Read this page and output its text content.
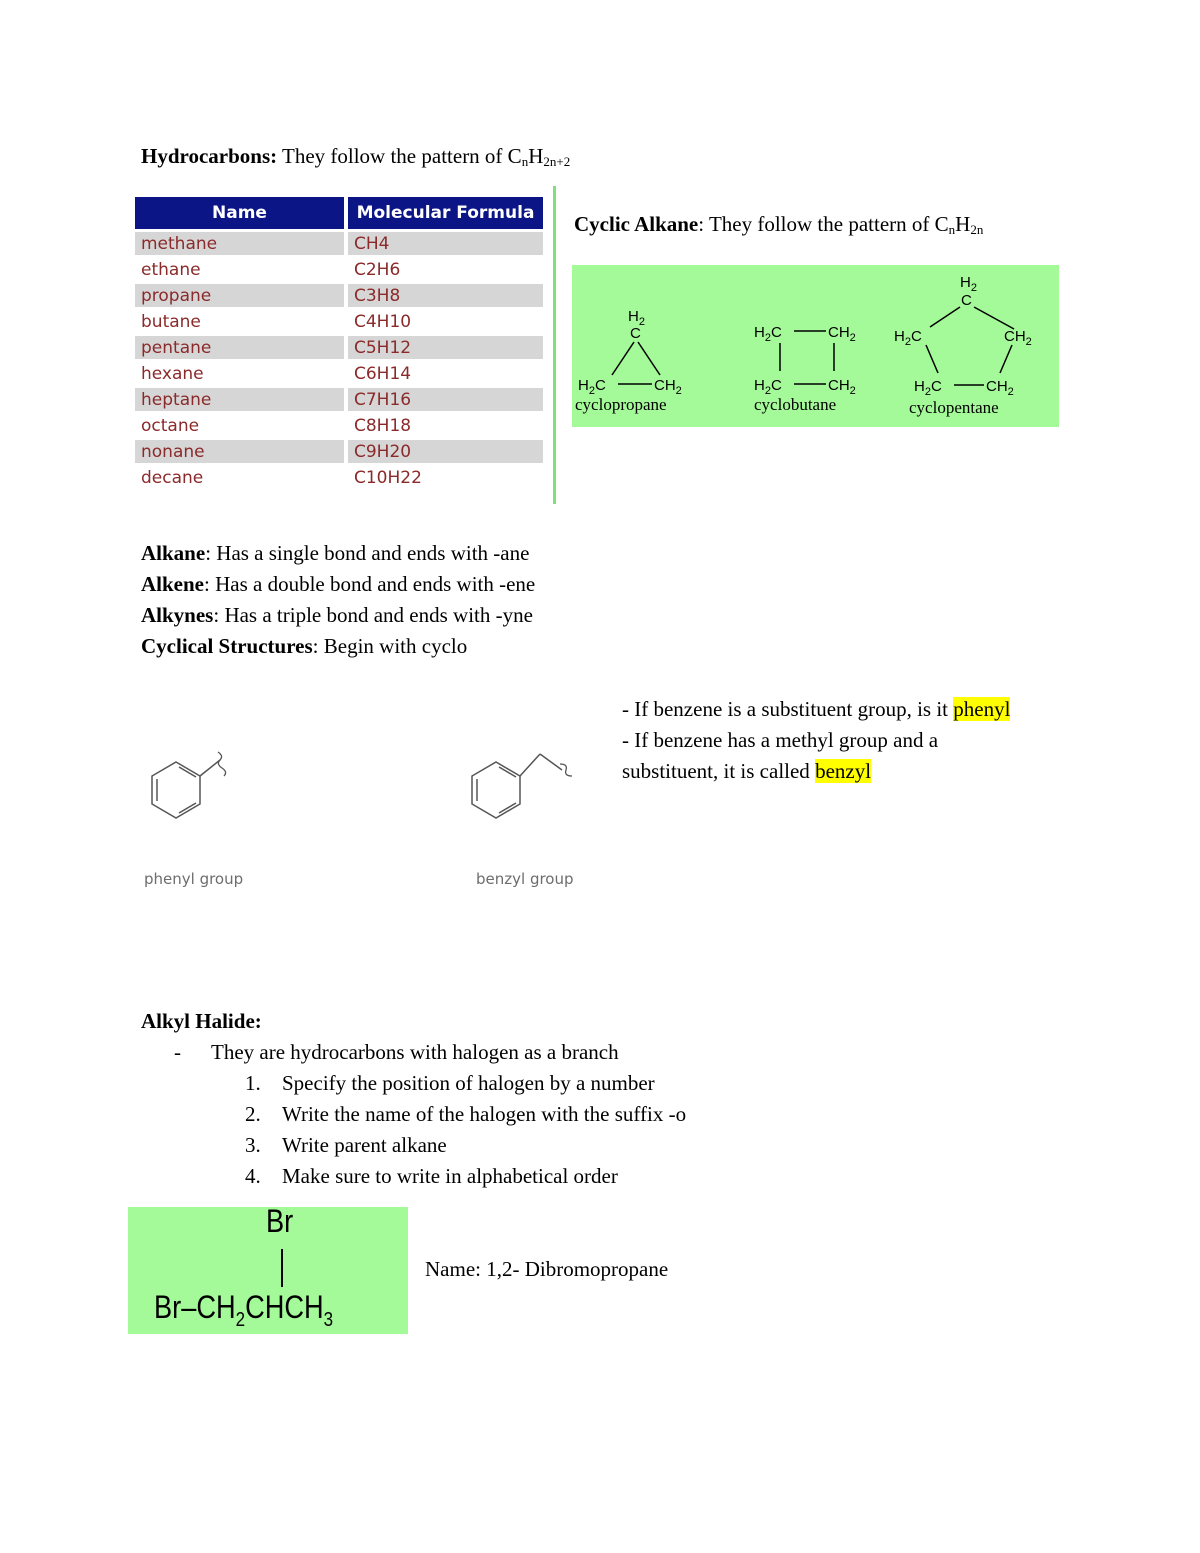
Hydrocarbons: They follow the pattern of $C_nH_{2n+2}$
Name	Molecular Formula
methane	CH4
ethane	C2H6
propane	C3H8
butane	C4H10
pentane	C5H12
hexane	C6H14
heptane	C7H16
octane	C8H18
nonane	C9H20
decane	C10H22
Cyclic Alkane: They follow the pattern of $C_nH_{2n}$
$H_2$
C
$H_2C$	$CH_2$
cyclopropane
$H_2C$	$CH_2$
$H_2C$	$CH_2$
cyclobutane
$H_2$
C
$H_2C$	$CH_2$
$H_2C$	$CH_2$
cyclopentane
Alkane: Has a single bond and ends with -ane
Alkene: Has a double bond and ends with -ene
Alkynes: Has a triple bond and ends with -yne
Cyclical Structures: Begin with cyclo
phenyl group	benzyl group
- If benzene is a substituent group, is it phenyl
- If benzene has a methyl group and a
substituent, it is called benzyl
Alkyl Halide:
- They are hydrocarbons with halogen as a branch
1. Specify the position of halogen by a number
2. Write the name of the halogen with the suffix -o
3. Write parent alkane
4. Make sure to write in alphabetical order
Br
$Br-CH_2CHCH_3$
Name: 1,2- Dibromopropane
